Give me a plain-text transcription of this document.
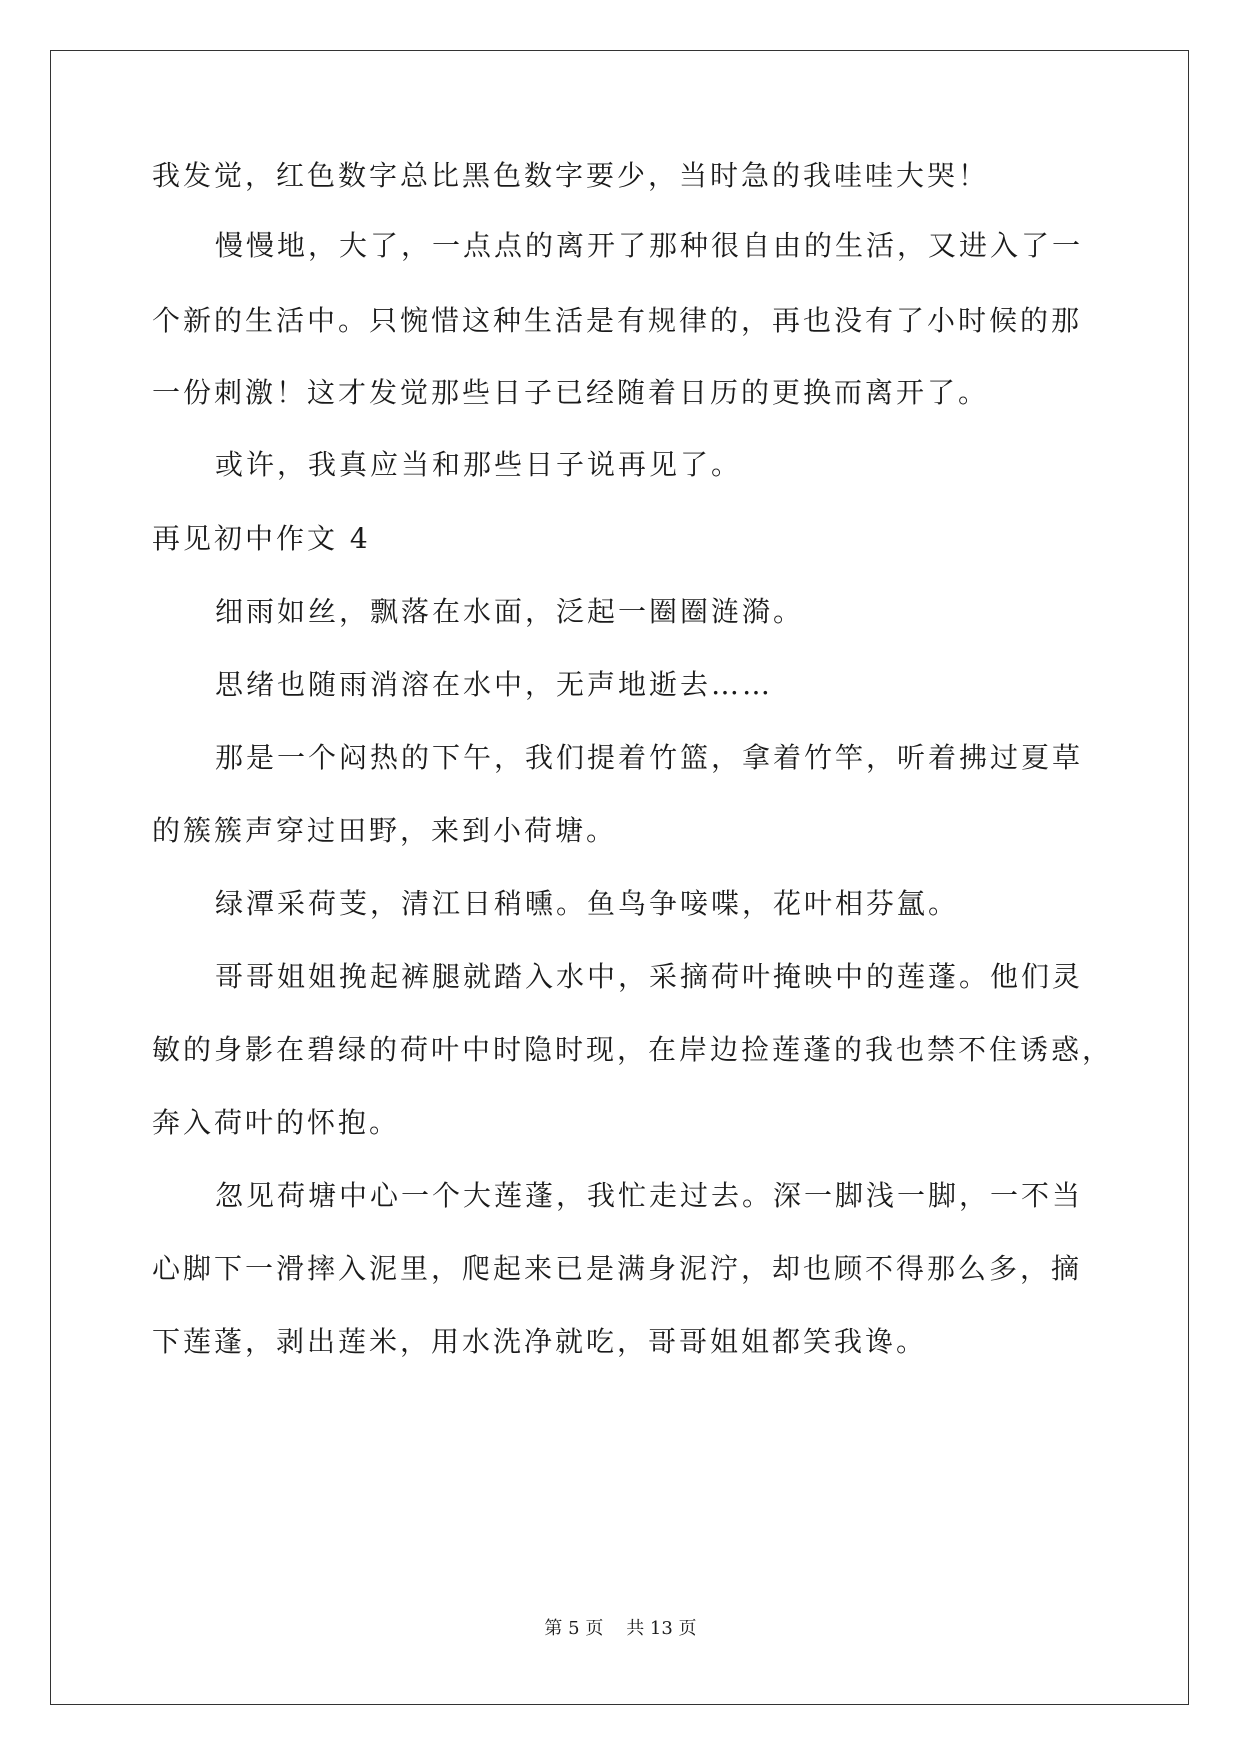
我发觉，红色数字总比黑色数字要少，当时急的我哇哇大哭！
慢慢地，大了，一点点的离开了那种很自由的生活，又进入了一
个新的生活中。只惋惜这种生活是有规律的，再也没有了小时候的那
一份刺激！这才发觉那些日子已经随着日历的更换而离开了。
或许，我真应当和那些日子说再见了。
再见初中作文 4
细雨如丝，飘落在水面，泛起一圈圈涟漪。
思绪也随雨消溶在水中，无声地逝去……
那是一个闷热的下午，我们提着竹篮，拿着竹竿，听着拂过夏草
的簇簇声穿过田野，来到小荷塘。
绿潭采荷芰，清江日稍曛。鱼鸟争唼喋，花叶相芬氲。
哥哥姐姐挽起裤腿就踏入水中，采摘荷叶掩映中的莲蓬。他们灵
敏的身影在碧绿的荷叶中时隐时现，在岸边捡莲蓬的我也禁不住诱惑，
奔入荷叶的怀抱。
忽见荷塘中心一个大莲蓬，我忙走过去。深一脚浅一脚，一不当
心脚下一滑摔入泥里，爬起来已是满身泥泞，却也顾不得那么多，摘
下莲蓬，剥出莲米，用水洗净就吃，哥哥姐姐都笑我谗。
第 5 页    共 13 页
